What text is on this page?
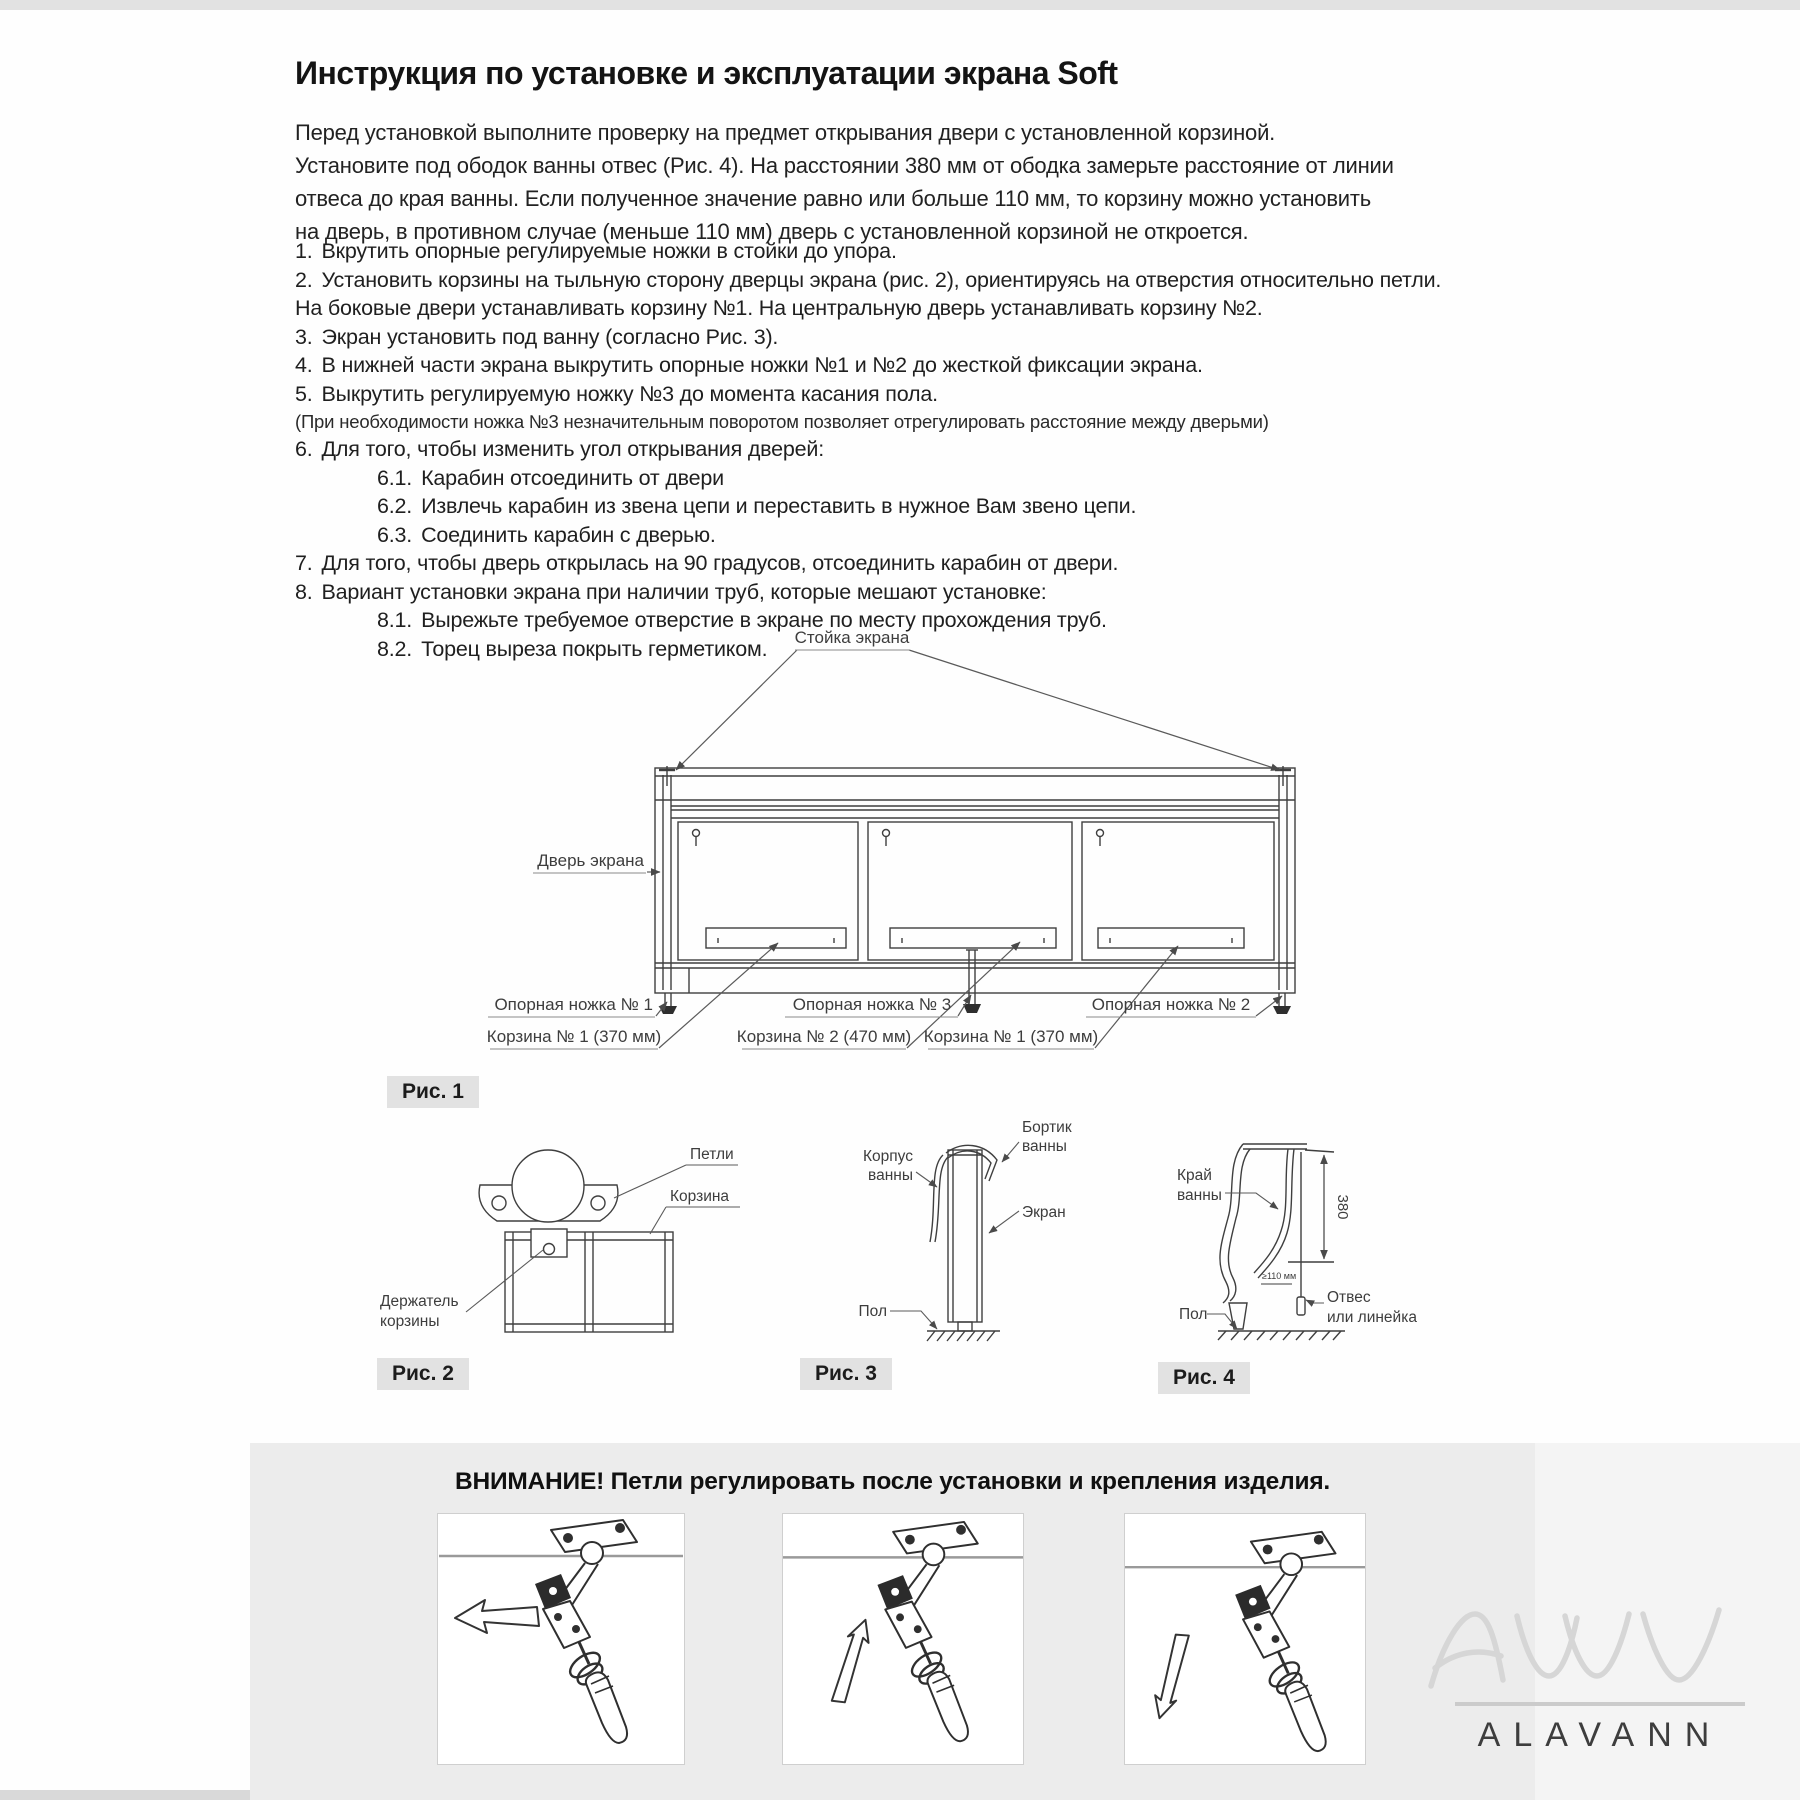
Инструкция по установке и эксплуатации экрана Soft
Перед установкой выполните проверку на предмет открывания двери с установленной корзиной.
Установите под ободок ванны отвес (Рис. 4). На расстоянии 380 мм от ободка замерьте расстояние от линии
отвеса до края ванны. Если полученное значение равно или больше 110 мм, то корзину можно установить
на дверь, в противном случае (меньше 110 мм) дверь с установленной корзиной не откроется.
1. Вкрутить опорные регулируемые ножки в стойки до упора.
2. Установить корзины на тыльную сторону дверцы экрана (рис. 2), ориентируясь на отверстия относительно петли. На боковые двери устанавливать корзину №1. На центральную дверь устанавливать корзину №2.
3. Экран установить под ванну (согласно Рис. 3).
4. В нижней части экрана выкрутить опорные ножки №1 и №2 до жесткой фиксации экрана.
5. Выкрутить регулируемую ножку №3 до момента касания пола.
(При необходимости ножка №3 незначительным поворотом позволяет отрегулировать расстояние между дверьми)
6. Для того, чтобы изменить угол открывания дверей:
6.1. Карабин отсоединить от двери
6.2. Извлечь карабин из звена цепи и переставить в нужное Вам звено цепи.
6.3. Соединить карабин с дверью.
7. Для того, чтобы дверь открылась на 90 градусов, отсоединить карабин от двери.
8. Вариант установки экрана при наличии труб, которые мешают установке:
8.1. Вырежьте требуемое отверстие в экране по месту прохождения труб.
8.2. Торец выреза покрыть герметиком.	Стойка экрана
Дверь экрана
Опорная ножка № 1	Опорная ножка № 3	Опорная ножка № 2
Корзина № 1 (370 мм)	Корзина № 2 (470 мм) Корзина № 1 (370 мм)
Рис. 1
Петли
Корзина
Держатель
корзины
Рис. 2
Корпус
ванны
Бортик
ванны
Экран
Пол
Рис. 3
Край
ванны	380
≥110 мм
Отвес
или линейка
Пол
Рис. 4
ВНИМАНИЕ! Петли регулировать после установки и крепления изделия.
ALAVANN
